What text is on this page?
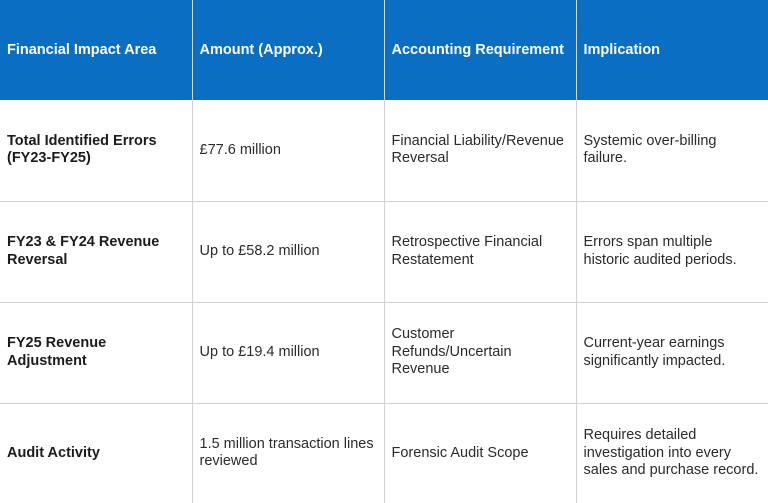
Financial Impact Area	Amount (Approx.)	Accounting Requirement	Implication
Total Identified Errors (FY23-FY25)	£77.6 million	Financial Liability/Revenue Reversal	Systemic over-billing failure.
FY23 & FY24 Revenue Reversal	Up to £58.2 million	Retrospective Financial Restatement	Errors span multiple historic audited periods.
FY25 Revenue Adjustment	Up to £19.4 million	Customer Refunds/Uncertain Revenue	Current-year earnings significantly impacted.
Audit Activity	1.5 million transaction lines reviewed	Forensic Audit Scope	Requires detailed investigation into every sales and purchase record.
